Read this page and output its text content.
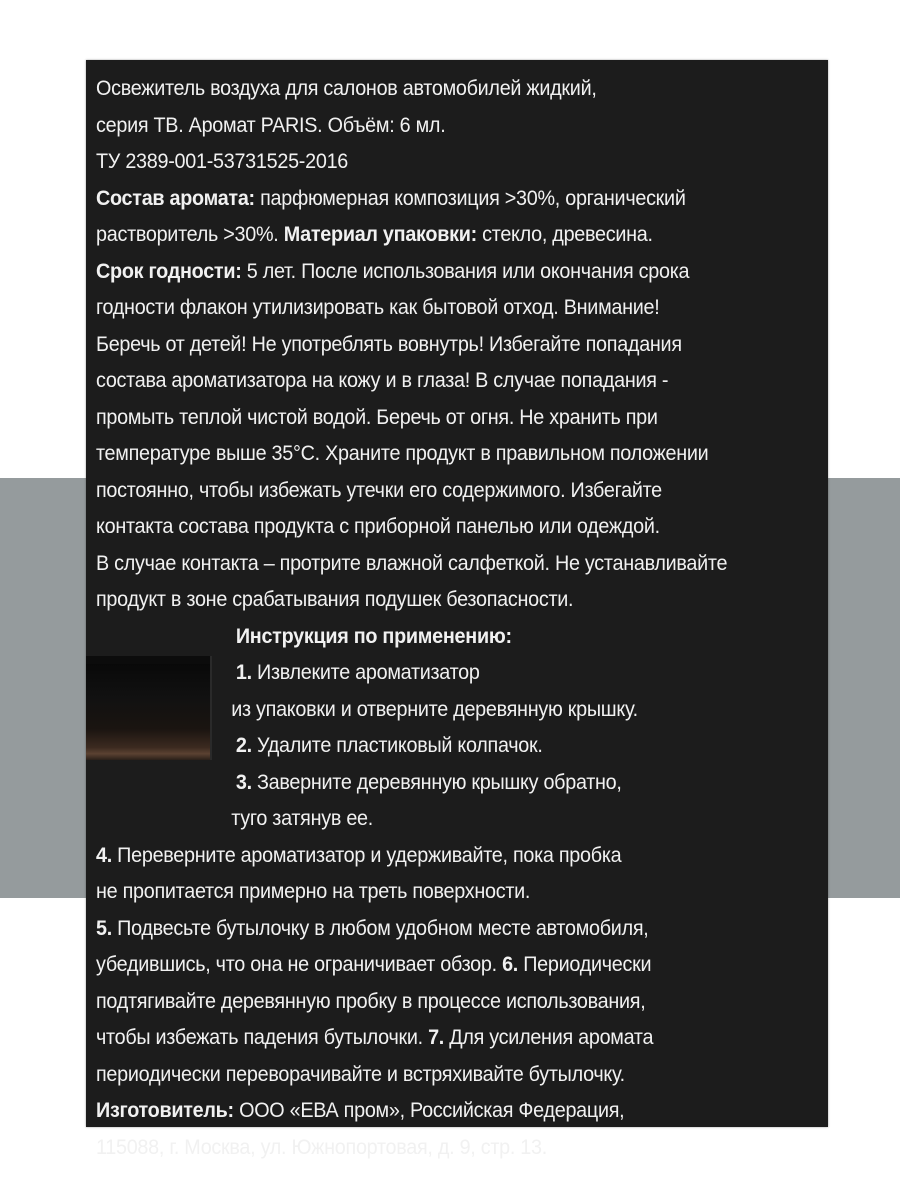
Освежитель воздуха для салонов автомобилей жидкий,
серия ТВ. Аромат PARIS. Объём: 6 мл.
ТУ 2389-001-53731525-2016
Состав аромата: парфюмерная композиция >30%, органический
растворитель >30%. Материал упаковки: стекло, древесина.
Срок годности: 5 лет. После использования или окончания срока
годности флакон утилизировать как бытовой отход. Внимание!
Беречь от детей! Не употреблять вовнутрь! Избегайте попадания
состава ароматизатора на кожу и в глаза! В случае попадания -
промыть теплой чистой водой. Беречь от огня. Не хранить при
температуре выше 35°С. Храните продукт в правильном положении
постоянно, чтобы избежать утечки его содержимого. Избегайте
контакта состава продукта с приборной панелью или одеждой.
В случае контакта – протрите влажной салфеткой. Не устанавливайте
продукт в зоне срабатывания подушек безопасности.
Инструкция по применению:
1. Извлеките ароматизатор
из упаковки и отверните деревянную крышку.
2. Удалите пластиковый колпачок.
3. Заверните деревянную крышку обратно,
туго затянув ее.
4. Переверните ароматизатор и удерживайте, пока пробка
не пропитается примерно на треть поверхности.
5. Подвесьте бутылочку в любом удобном месте автомобиля,
убедившись, что она не ограничивает обзор. 6. Периодически
подтягивайте деревянную пробку в процессе использования,
чтобы избежать падения бутылочки. 7. Для усиления аромата
периодически переворачивайте и встряхивайте бутылочку.
Изготовитель: ООО «ЕВА пром», Российская Федерация,
115088, г. Москва, ул. Южнопортовая, д. 9, стр. 13.
